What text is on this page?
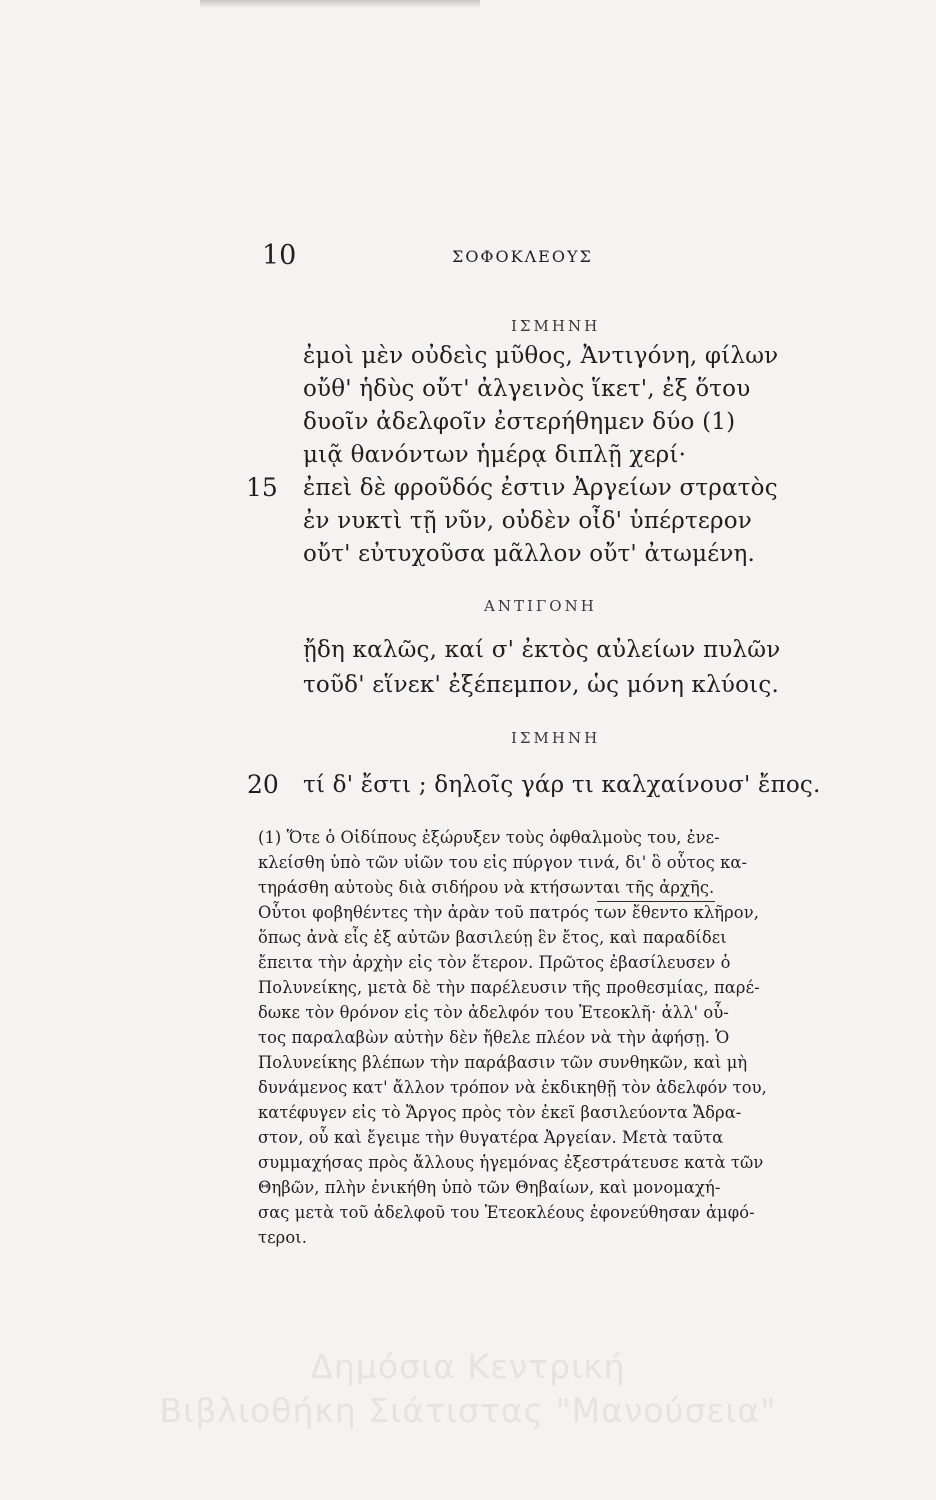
10	ΣΟΦΟΚΛΕΟΥΣ
ΙΣΜΗΝΗ
ἐμοὶ μὲν οὐδεὶς μῦθος, Ἀντιγόνη, φίλων
οὔθ' ἡδὺς οὔτ' ἀλγεινὸς ἵκετ', ἐξ ὅτου
δυοῖν ἀδελφοῖν ἐστερήθημεν δύο (1)
μιᾷ θανόντων ἡμέρᾳ διπλῇ χερί·
15 ἐπεὶ δὲ φροῦδός ἐστιν Ἀργείων στρατὸς
ἐν νυκτὶ τῇ νῦν, οὐδὲν οἶδ' ὑπέρτερον
οὔτ' εὐτυχοῦσα μᾶλλον οὔτ' ἀτωμένη.
ΑΝΤΙΓΟΝΗ
ᾔδη καλῶς, καί σ' ἐκτὸς αὐλείων πυλῶν
τοῦδ' εἵνεκ' ἐξέπεμπον, ὡς μόνη κλύοις.
ΙΣΜΗΝΗ
20 τί δ' ἔστι ; δηλοῖς γάρ τι καλχαίνουσ' ἔπος.
(1) Ὅτε ὁ Οἰδίπους ἐξώρυξεν τοὺς ὀφθαλμοὺς του, ἐνε-
κλείσθη ὑπὸ τῶν υἱῶν του εἰς πύργον τινά, δι' ὃ οὗτος κα-
τηράσθη αὐτοὺς διὰ σιδήρου νὰ κτήσωνται τῆς ἀρχῆς.
Οὗτοι φοβηθέντες τὴν ἀρὰν τοῦ πατρός των ἔθεντο κλῆρον,
ὅπως ἀνὰ εἷς ἐξ αὐτῶν βασιλεύῃ ἓν ἔτος, καὶ παραδίδει
ἔπειτα τὴν ἀρχὴν εἰς τὸν ἕτερον. Πρῶτος ἐβασίλευσεν ὁ
Πολυνείκης, μετὰ δὲ τὴν παρέλευσιν τῆς προθεσμίας, παρέ-
δωκε τὸν θρόνον εἰς τὸν ἀδελφόν του Ἐτεοκλῆ· ἀλλ' οὗ-
τος παραλαβὼν αὐτὴν δὲν ἤθελε πλέον νὰ τὴν ἀφήσῃ. Ὁ
Πολυνείκης βλέπων τὴν παράβασιν τῶν συνθηκῶν, καὶ μὴ
δυνάμενος κατ' ἄλλον τρόπον νὰ ἐκδικηθῇ τὸν ἀδελφόν του,
κατέφυγεν εἰς τὸ Ἄργος πρὸς τὸν ἐκεῖ βασιλεύοντα Ἄδρα-
στον, οὗ καὶ ἔγειμε τὴν θυγατέρα Ἀργείαν. Μετὰ ταῦτα
συμμαχήσας πρὸς ἄλλους ἡγεμόνας ἐξεστράτευσε κατὰ τῶν
Θηβῶν, πλὴν ἐνικήθη ὑπὸ τῶν Θηβαίων, καὶ μονομαχή-
σας μετὰ τοῦ ἀδελφοῦ του Ἐτεοκλέους ἐφονεύθησαν ἀμφό-
τεροι.
Δημόσια Κεντρική
Βιβλιοθήκη Σιάτιστας "Μανούσεια"
